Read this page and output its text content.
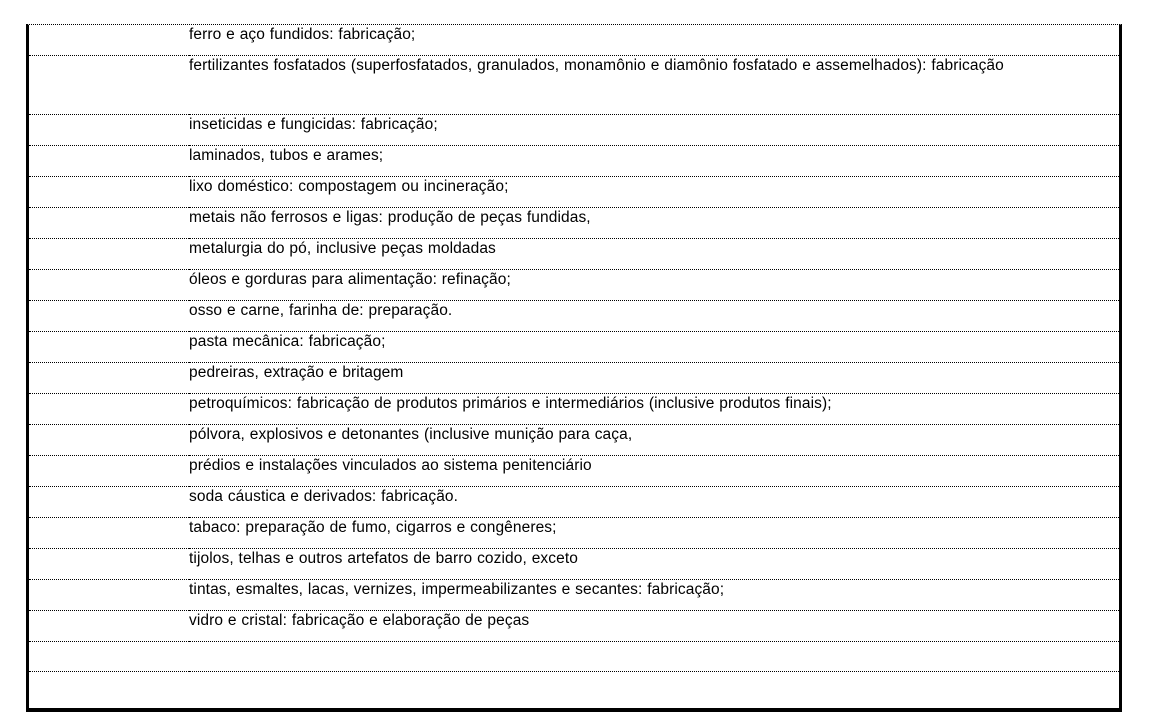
	ferro e aço fundidos: fabricação;

	fertilizantes fosfatados (superfosfatados, granulados, monamônio e diamônio fosfatado e assemelhados): fabricação

	inseticidas e fungicidas: fabricação;

	laminados, tubos e arames;

	lixo doméstico: compostagem ou incineração;

	metais não ferrosos e ligas: produção de peças fundidas,

	metalurgia do pó, inclusive peças moldadas

	óleos e gorduras para alimentação: refinação;

	osso e carne, farinha de: preparação.

	pasta mecânica: fabricação;

	pedreiras, extração e britagem

	petroquímicos: fabricação de produtos primários e intermediários (inclusive produtos finais);

	pólvora, explosivos e detonantes (inclusive munição para caça,

	prédios e instalações vinculados ao sistema penitenciário

	soda cáustica e derivados: fabricação.

	tabaco: preparação de fumo, cigarros e congêneres;

	tijolos, telhas e outros artefatos de barro cozido, exceto

	tintas, esmaltes, lacas, vernizes, impermeabilizantes e secantes: fabricação;

	vidro e cristal: fabricação e elaboração de peças
